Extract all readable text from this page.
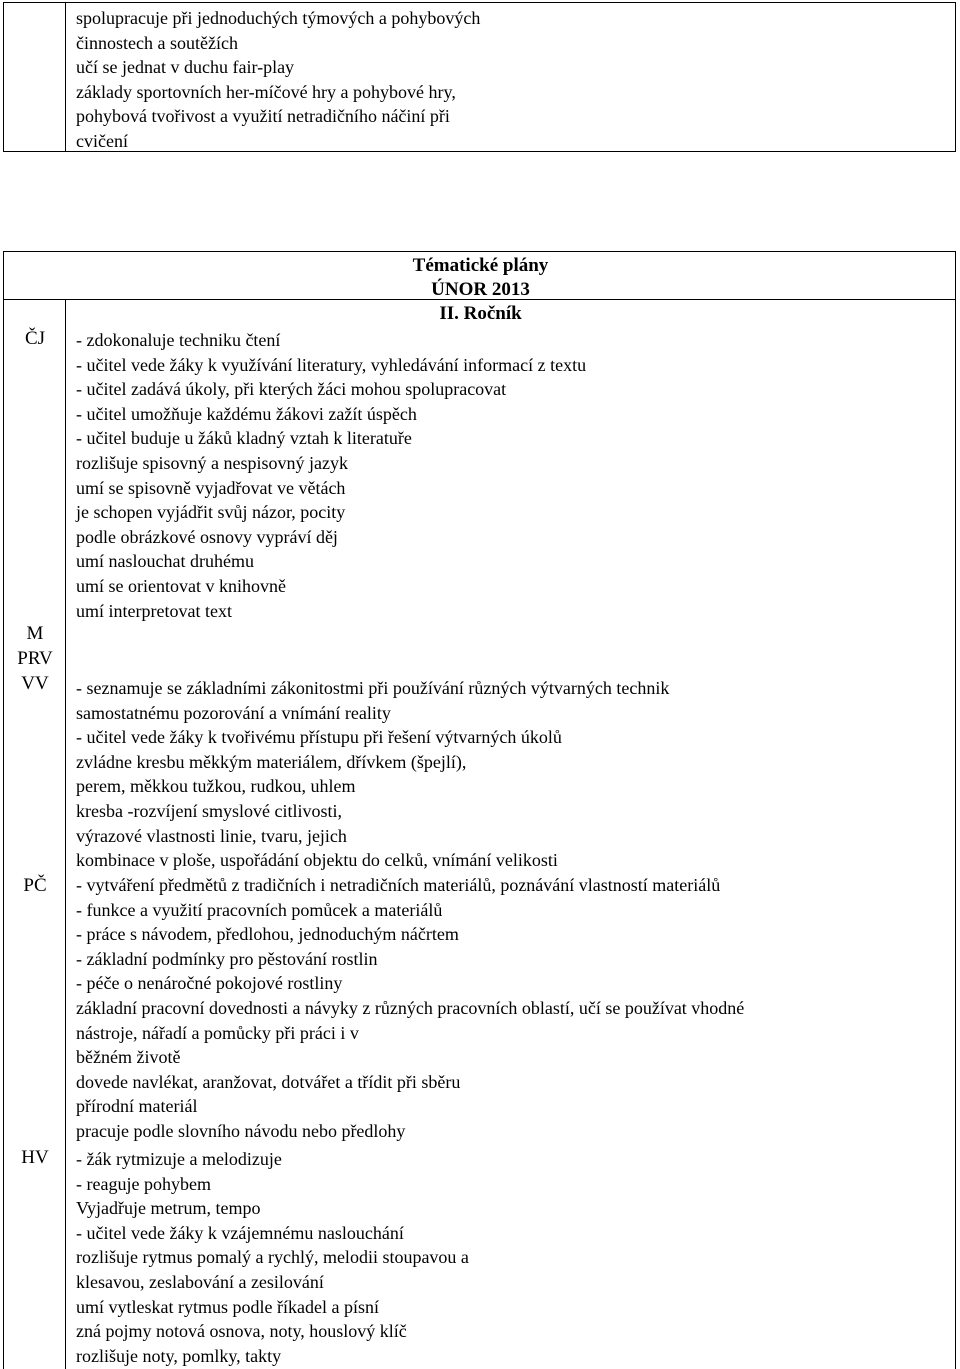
spolupracuje při jednoduchých týmových a pohybových
činnostech a soutěžích
učí se jednat v duchu fair-play
základy sportovních her-míčové hry a pohybové hry,
pohybová tvořivost a využití netradičního náčiní při
cvičení
Tématické plány
ÚNOR 2013
II. Ročník
ČJ
M
PRV
VV
PČ
HV
- zdokonaluje techniku čtení
- učitel vede žáky k využívání literatury, vyhledávání informací z textu
- učitel zadává úkoly, při kterých žáci mohou spolupracovat
- učitel umožňuje každému žákovi zažít úspěch
- učitel buduje u žáků kladný vztah k literatuře
rozlišuje spisovný a nespisovný jazyk
umí se spisovně vyjadřovat ve větách
je schopen vyjádřit svůj názor, pocity
podle obrázkové osnovy vypráví děj
umí naslouchat druhému
umí se orientovat v knihovně
umí interpretovat text
- seznamuje se základními zákonitostmi při používání různých výtvarných technik
samostatnému pozorování a vnímání reality
- učitel vede žáky k tvořivému přístupu při řešení výtvarných úkolů
zvládne kresbu měkkým materiálem, dřívkem (špejlí),
perem, měkkou tužkou, rudkou, uhlem
kresba -rozvíjení smyslové citlivosti,
výrazové vlastnosti linie, tvaru, jejich
kombinace v ploše, uspořádání objektu do celků, vnímání velikosti
- vytváření předmětů z tradičních i netradičních materiálů, poznávání vlastností materiálů
- funkce a využití pracovních pomůcek a materiálů
- práce s návodem, předlohou, jednoduchým náčrtem
- základní podmínky pro pěstování rostlin
- péče o nenáročné pokojové rostliny
základní pracovní dovednosti a návyky z různých pracovních oblastí, učí se používat vhodné
nástroje, nářadí a pomůcky při práci i v
běžném životě
dovede navlékat, aranžovat, dotvářet a třídit při sběru
přírodní materiál
pracuje podle slovního návodu nebo předlohy
- žák rytmizuje a melodizuje
- reaguje pohybem
Vyjadřuje metrum, tempo
- učitel vede žáky k vzájemnému naslouchání
rozlišuje rytmus pomalý a rychlý, melodii stoupavou a
klesavou, zeslabování a zesilování
umí vytleskat rytmus podle říkadel a písní
zná pojmy notová osnova, noty, houslový klíč
rozlišuje noty, pomlky, takty
